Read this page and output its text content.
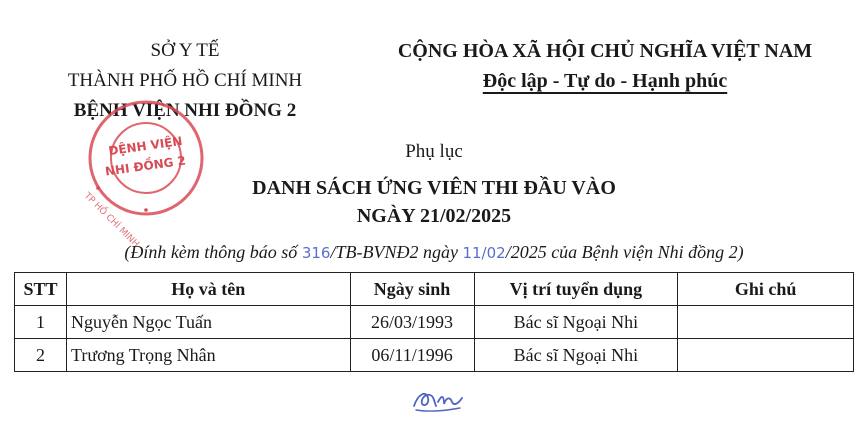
SỞ Y TẾ
THÀNH PHỐ HỒ CHÍ MINH
BỆNH VIỆN NHI ĐỒNG 2
CỘNG HÒA XÃ HỘI CHỦ NGHĨA VIỆT NAM
Độc lập - Tự do - Hạnh phúc
DỆNH VIỆN
NHI ĐỒNG 2
TP HỒ CHÍ MINH
Phụ lục
DANH SÁCH ỨNG VIÊN THI ĐẦU VÀO
NGÀY 21/02/2025
(Đính kèm thông báo số 316/TB-BVNĐ2 ngày 11/02/2025 của Bệnh viện Nhi đồng 2)
STT	Họ và tên	Ngày sinh	Vị trí tuyển dụng	Ghi chú
1	Nguyễn Ngọc Tuấn	26/03/1993	Bác sĩ Ngoại Nhi	
2	Trương Trọng Nhân	06/11/1996	Bác sĩ Ngoại Nhi	
